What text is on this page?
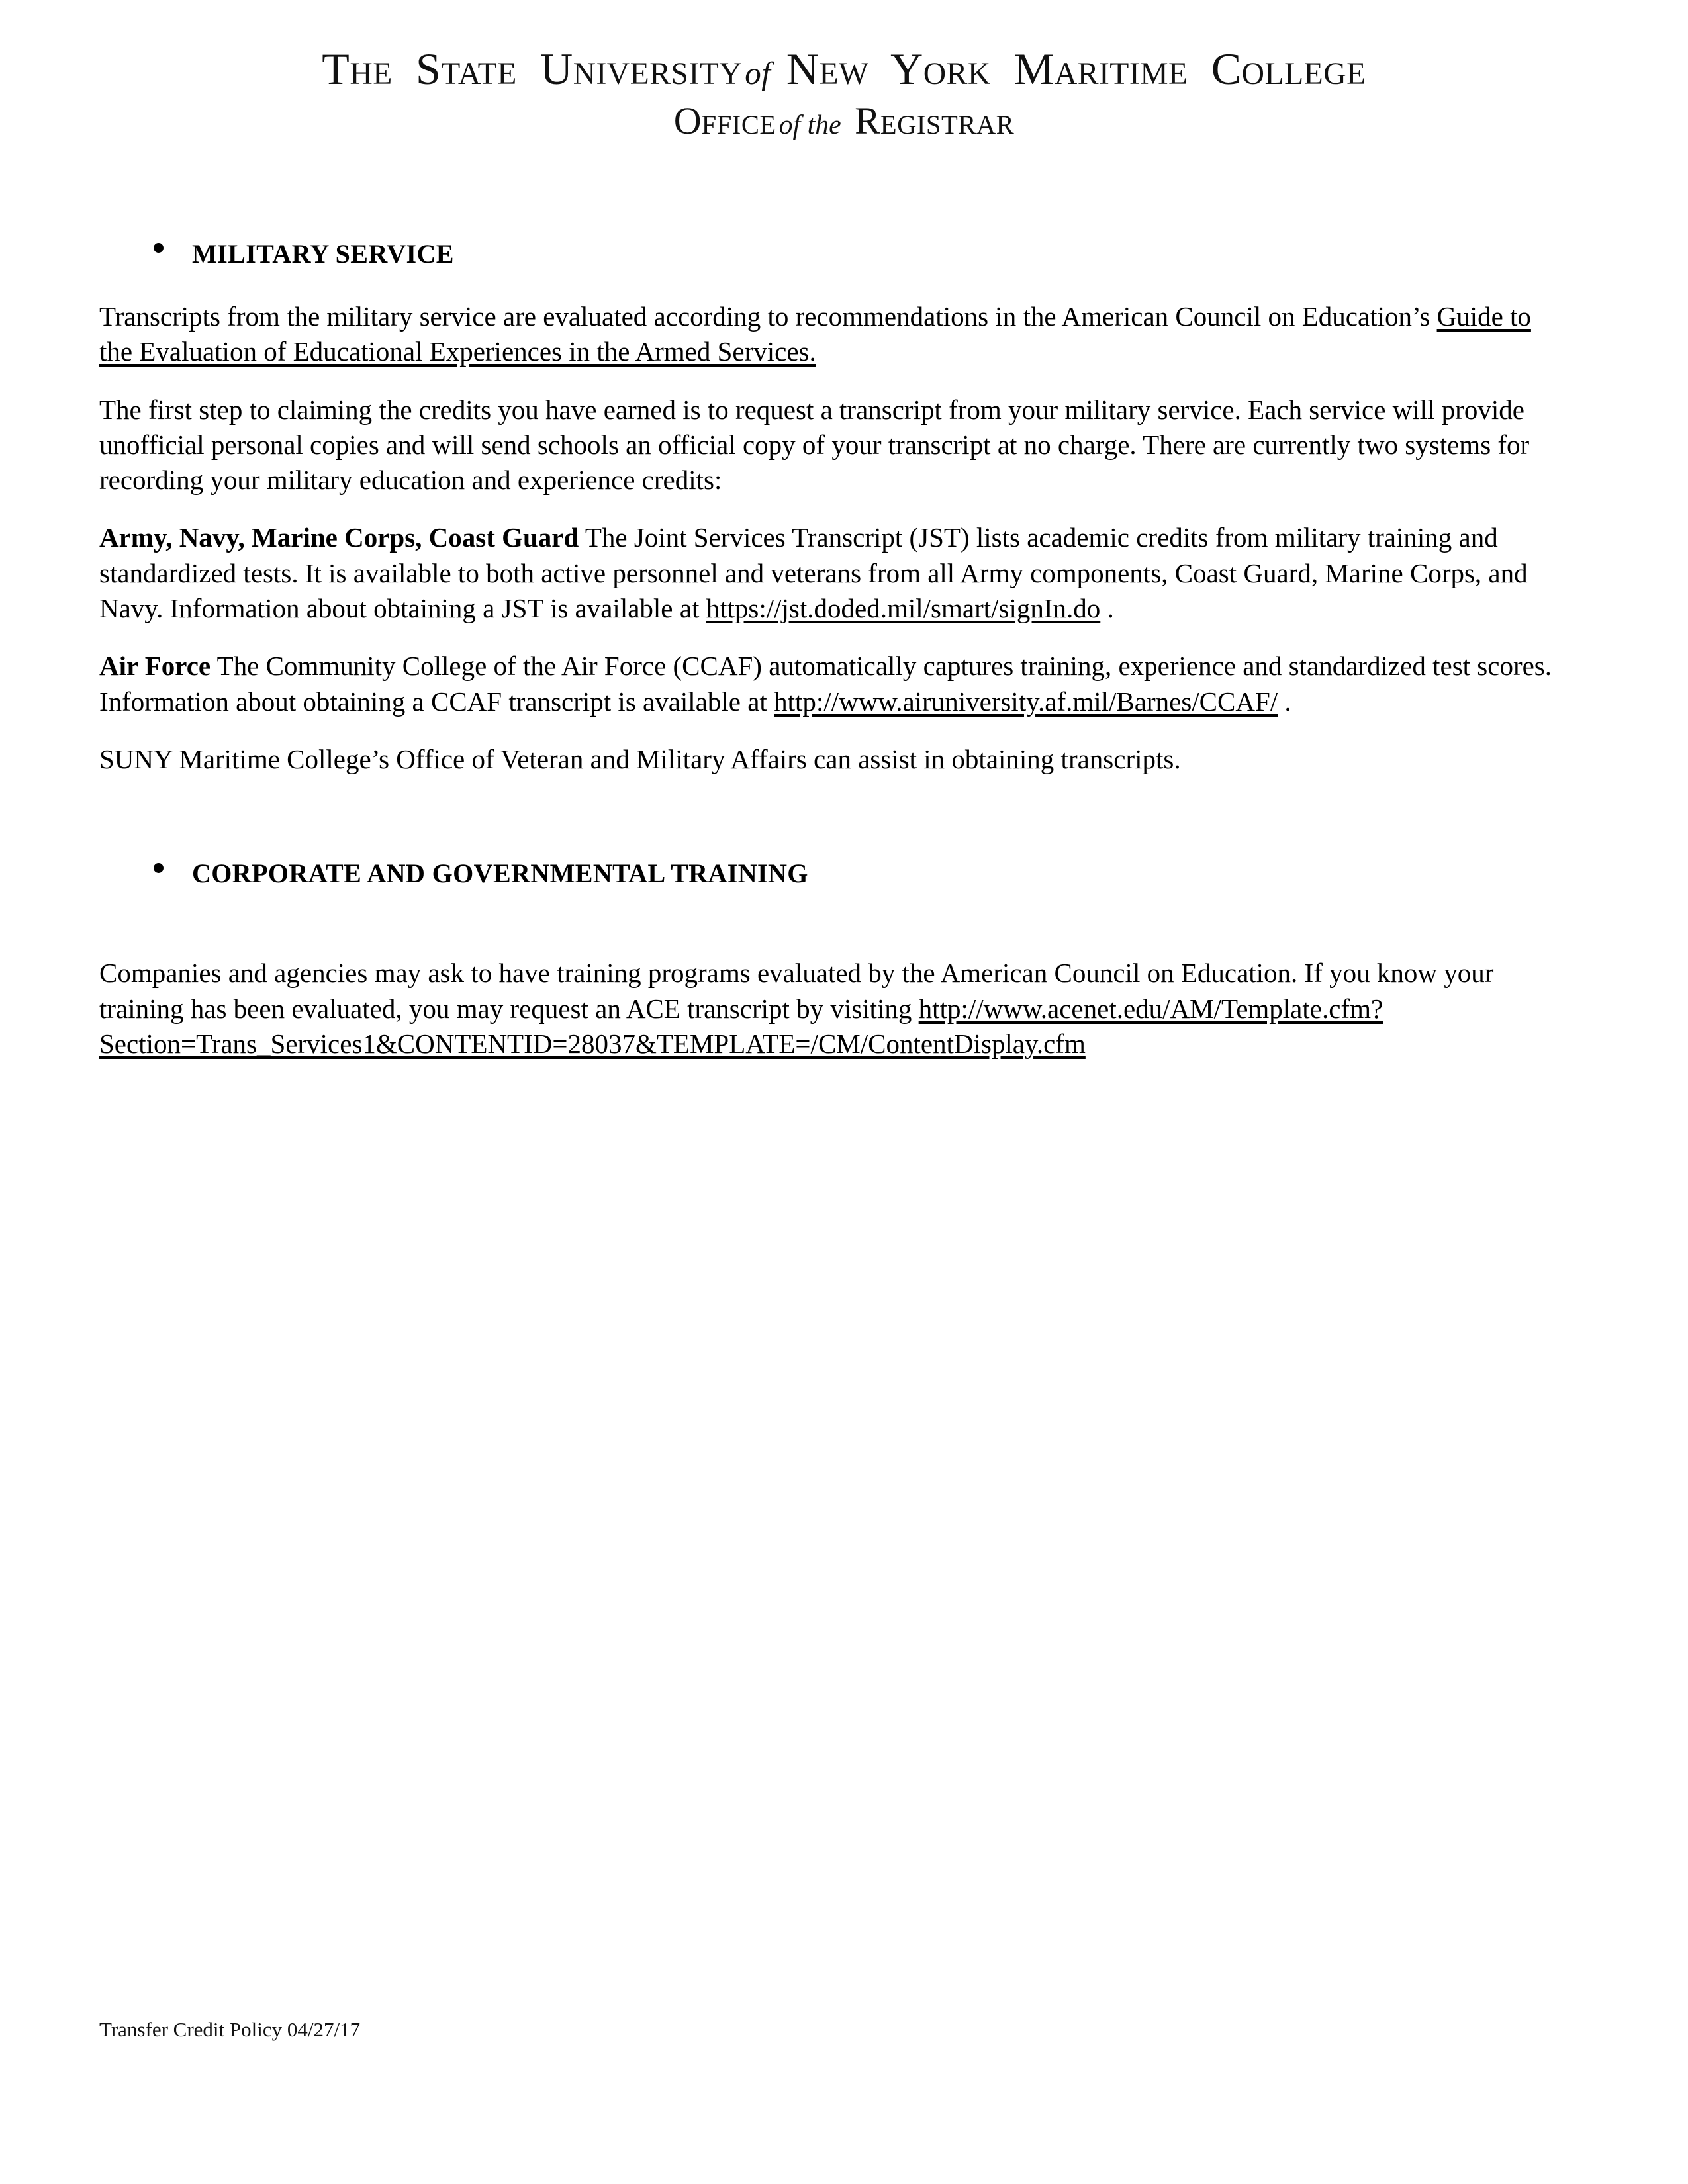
THE STATE UNIVERSITYof NEW YORK MARITIME COLLEGE
OFFICEof the REGISTRAR
MILITARY SERVICE

Transcripts from the military service are evaluated according to recommendations in the American Council on Education’s Guide to the Evaluation of Educational Experiences in the Armed Services.

The first step to claiming the credits you have earned is to request a transcript from your military service. Each service will provide unofficial personal copies and will send schools an official copy of your transcript at no charge. There are currently two systems for recording your military education and experience credits:

Army, Navy, Marine Corps, Coast Guard The Joint Services Transcript (JST) lists academic credits from military training and standardized tests. It is available to both active personnel and veterans from all Army components, Coast Guard, Marine Corps, and Navy. Information about obtaining a JST is available at https://jst.doded.mil/smart/signIn.do .

Air Force The Community College of the Air Force (CCAF) automatically captures training, experience and standardized test scores. Information about obtaining a CCAF transcript is available at http://www.airuniversity.af.mil/Barnes/CCAF/ .

SUNY Maritime College’s Office of Veteran and Military Affairs can assist in obtaining transcripts.

CORPORATE AND GOVERNMENTAL TRAINING

Companies and agencies may ask to have training programs evaluated by the American Council on Education. If you know your training has been evaluated, you may request an ACE transcript by visiting http://www.acenet.edu/AM/Template.cfm?Section=Trans_Services1&CONTENTID=28037&TEMPLATE=/CM/ContentDisplay.cfm

Transfer Credit Policy 04/27/17
